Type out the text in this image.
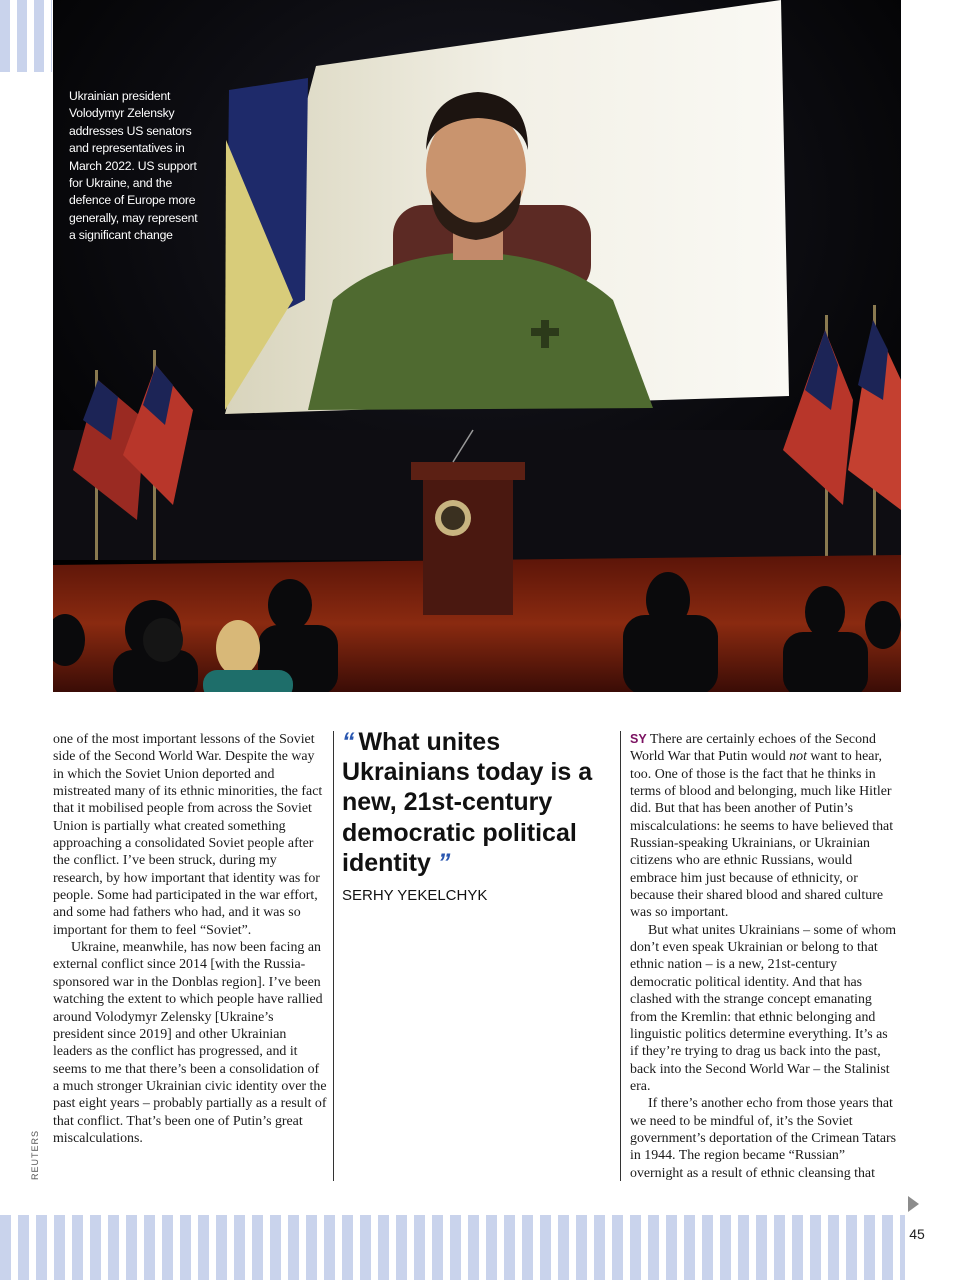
Ukrainian president Volodymyr Zelensky addresses US senators and representatives in March 2022. US support for Ukraine, and the defence of Europe more generally, may represent a significant change
REUTERS

one of the most important lessons of the Soviet side of the Second World War. Despite the way in which the Soviet Union deported and mistreated many of its ethnic minorities, the fact that it mobilised people from across the Soviet Union is partially what created something approaching a consolidated Soviet people after the conflict. I’ve been struck, during my research, by how important that identity was for people. Some had participated in the war effort, and some had fathers who had, and it was so important for them to feel “Soviet”.

Ukraine, meanwhile, has now been facing an external conflict since 2014 [with the Russia-sponsored war in the Donblas region]. I’ve been watching the extent to which people have rallied around Volodymyr Zelensky [Ukraine’s president since 2019] and other Ukrainian leaders as the conflict has progressed, and it seems to me that there’s been a consolidation of a much stronger Ukrainian civic identity over the past eight years – probably partially as a result of that conflict. That’s been one of Putin’s great miscalculations.

“ What unites Ukrainians today is a new, 21st-century democratic political identity ”
SERHY YEKELCHYK

SY There are certainly echoes of the Second World War that Putin would not want to hear, too. One of those is the fact that he thinks in terms of blood and belonging, much like Hitler did. But that has been another of Putin’s miscalculations: he seems to have believed that Russian-speaking Ukrainians, or Ukrainian citizens who are ethnic Russians, would embrace him just because of ethnicity, or because their shared blood and shared culture was so important.

But what unites Ukrainians – some of whom don’t even speak Ukrainian or belong to that ethnic nation – is a new, 21st-century democratic political identity. And that has clashed with the strange concept emanating from the Kremlin: that ethnic belonging and linguistic politics determine everything. It’s as if they’re trying to drag us back into the past, back into the Second World War – the Stalinist era.

If there’s another echo from those years that we need to be mindful of, it’s the Soviet government’s deportation of the Crimean Tatars in 1944. The region became “Russian” overnight as a result of ethnic cleansing that

45
